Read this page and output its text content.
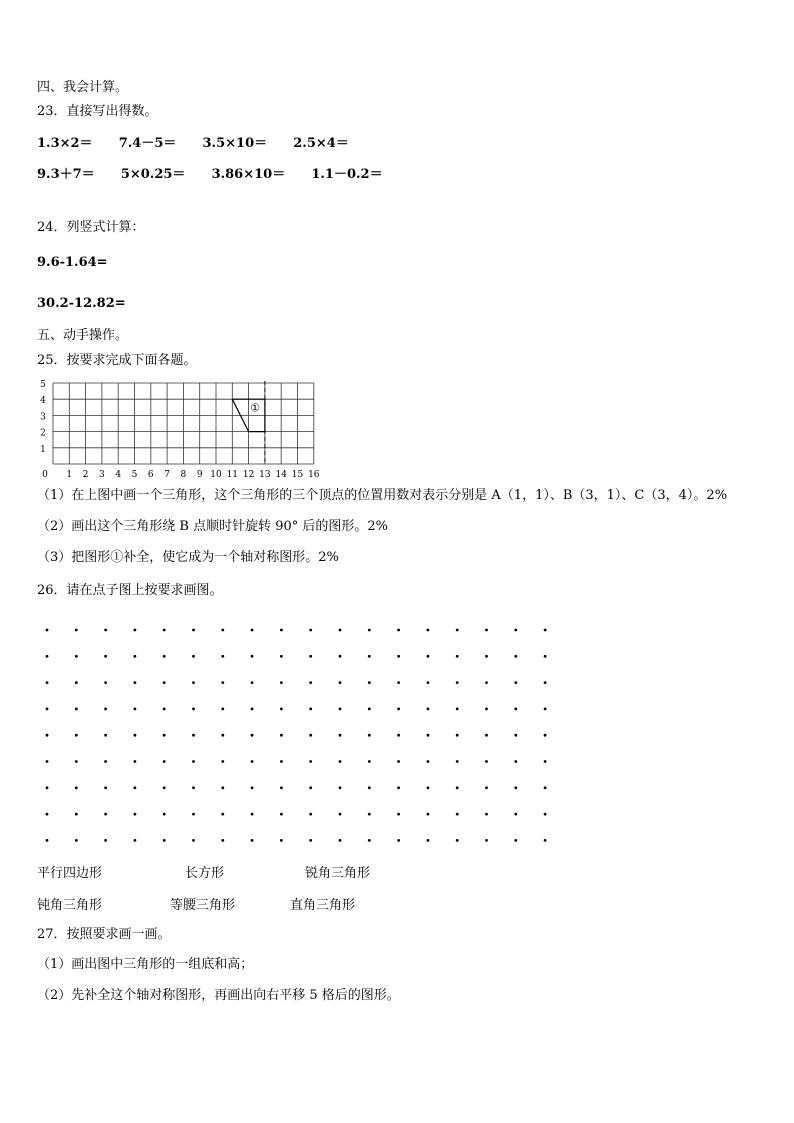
四、我会计算。
23．直接写出得数。
1.3×2＝ 7.4－5＝ 3.5×10＝ 2.5×4＝
9.3＋7＝ 5×0.25＝ 3.86×10＝ 1.1－0.2＝
24．列竖式计算：
9.6-1.64=
30.2-12.82=
五、动手操作。
25．按要求完成下面各题。
5
4
3
2
1
0 1 2 3 4 5 6 7 8 9 10 11 12 13 14 15 16
①
（1）在上图中画一个三角形，这个三角形的三个顶点的位置用数对表示分别是 A（1，1）、B（3，1）、C（3，4）。2%
（2）画出这个三角形绕 B 点顺时针旋转 90° 后的图形。2%
（3）把图形①补全，使它成为一个轴对称图形。2%
26．请在点子图上按要求画图。
平行四边形	长方形	锐角三角形
钝角三角形	等腰三角形	直角三角形
27．按照要求画一画。
（1）画出图中三角形的一组底和高；
（2）先补全这个轴对称图形，再画出向右平移 5 格后的图形。
